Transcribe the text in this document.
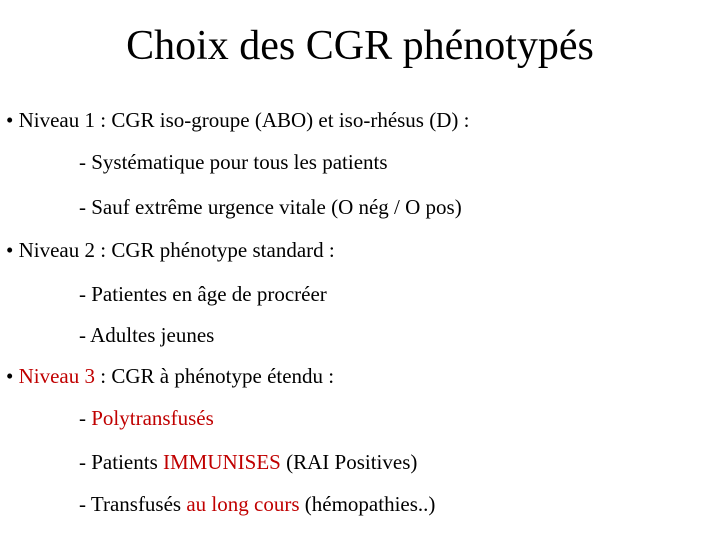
Choix des CGR phénotypés
• Niveau 1 : CGR iso-groupe (ABO) et iso-rhésus (D) :
- Systématique pour tous les patients
- Sauf extrême urgence vitale (O nég / O pos)
• Niveau 2 : CGR phénotype standard :
- Patientes en âge de procréer
- Adultes jeunes
• Niveau 3 : CGR à phénotype étendu :
- Polytransfusés
- Patients IMMUNISES (RAI Positives)
- Transfusés au long cours (hémopathies..)
